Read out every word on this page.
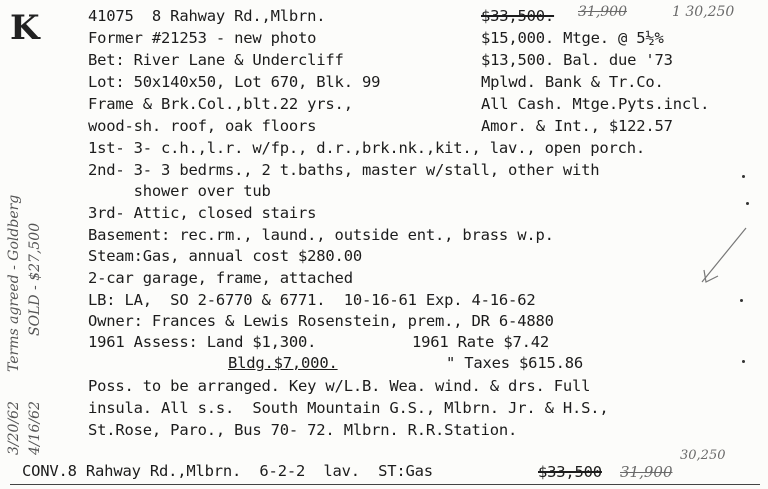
K
Terms agreed - Goldberg SOLD - $27,500
3/20/62 4/16/62
41075  8 Rahway Rd.,Mlbrn.
Former #21253 - new photo
Bet: River Lane & Undercliff
Lot: 50x140x50, Lot 670, Blk. 99
Frame & Brk.Col.,blt.22 yrs.,
wood-sh. roof, oak floors
1st- 3- c.h.,l.r. w/fp., d.r.,brk.nk.,kit., lav., open porch.
2nd- 3- 3 bedrms., 2 t.baths, master w/stall, other with
shower over tub
3rd- Attic, closed stairs
Basement: rec.rm., laund., outside ent., brass w.p.
Steam:Gas, annual cost $280.00
2-car garage, frame, attached
LB: LA,  SO 2-6770 & 6771.  10-16-61 Exp. 4-16-62
Owner: Frances & Lewis Rosenstein, prem., DR 6-4880
1961 Assess: Land $1,300.
Bldg.$7,000.
1961 Rate $7.42
" Taxes $615.86
Poss. to be arranged. Key w/L.B. Wea. wind. & drs. Full
insula. All s.s.  South Mountain G.S., Mlbrn. Jr. & H.S.,
St.Rose, Paro., Bus 70- 72. Mlbrn. R.R.Station.
$33,500. 31,900	1 30,250
$15,000. Mtge. @ 5½%
$13,500. Bal. due '73
Mplwd. Bank & Tr.Co.
All Cash. Mtge.Pyts.incl.
Amor. & Int., $122.57
CONV.8 Rahway Rd.,Mlbrn.  6-2-2  lav.  ST:Gas	$33,500 31,900
30,250
